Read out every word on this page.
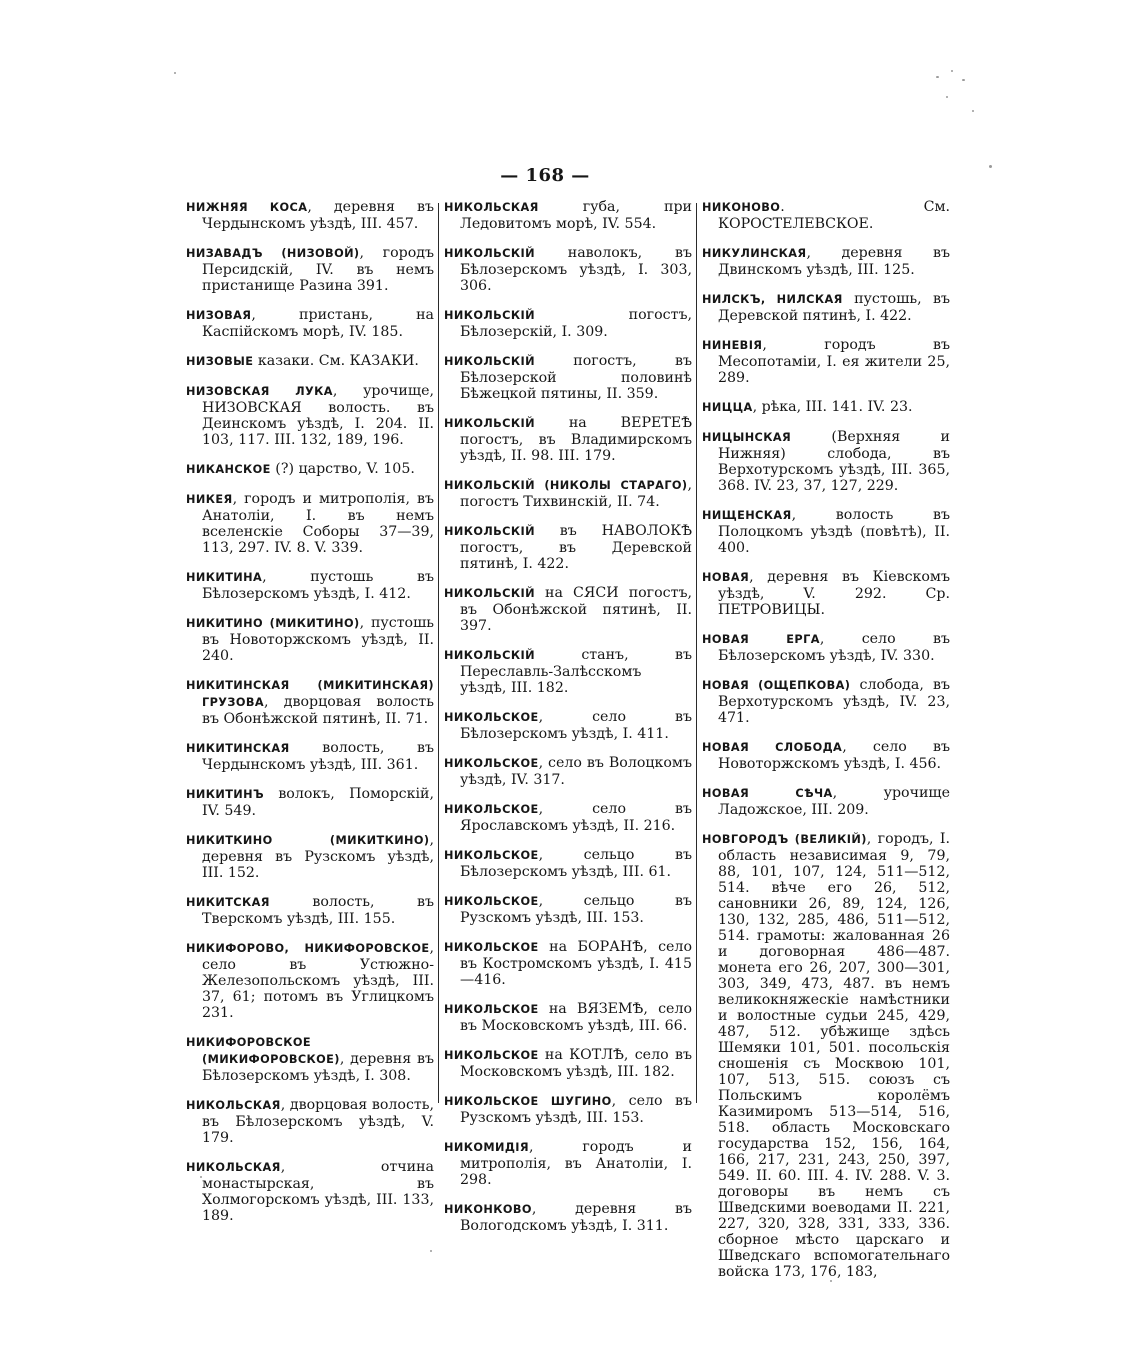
— 168 —

НИЖНЯЯ КОСА, деревня въ Чердынскомъ уѣздѣ, III. 457.

НИЗАВАДЪ (НИЗОВОЙ), городъ Персидскій, IV. въ немъ пристанище Разина 391.

НИЗОВАЯ, пристань, на Каспійскомъ морѣ, IV. 185.

НИЗОВЫЕ казаки. См. КАЗАКИ.

НИЗОВСКАЯ ЛУКА, урочище, НИЗОВСКАЯ волость. въ Деинскомъ уѣздѣ, I. 204. II. 103, 117. III. 132, 189, 196.

НИКАНСКОЕ (?) царство, V. 105.

НИКЕЯ, городъ и митрополія, въ Анатоліи, I. въ немъ вселенскіе Соборы 37—39, 113, 297. IV. 8. V. 339.

НИКИТИНА, пустошь въ Бѣлозерскомъ уѣздѣ, I. 412.

НИКИТИНО (МИКИТИНО), пустошь въ Новоторжскомъ уѣздѣ, II. 240.

НИКИТИНСКАЯ (МИКИТИНСКАЯ) ГРУЗОВА, дворцовая волость въ Обонѣжской пятинѣ, II. 71.

НИКИТИНСКАЯ волость, въ Чердынскомъ уѣздѣ, III. 361.

НИКИТИНЪ волокъ, Поморскій, IV. 549.

НИКИТКИНО (МИКИТКИНО), деревня въ Рузскомъ уѣздѣ, III. 152.

НИКИТСКАЯ волость, въ Тверскомъ уѣздѣ, III. 155.

НИКИФОРОВО, НИКИФОРОВСКОЕ, село въ Устюжно-Железопольскомъ уѣздѣ, III. 37, 61; потомъ въ Углицкомъ 231.

НИКИФОРОВСКОЕ (МИКИФОРОВСКОЕ), деревня въ Бѣлозерскомъ уѣздѣ, I. 308.

НИКОЛЬСКАЯ, дворцовая волость, въ Бѣлозерскомъ уѣздѣ, V. 179.

НИКОЛЬСКАЯ, отчина монастырская, въ Холмогорскомъ уѣздѣ, III. 133, 189.

НИКОЛЬСКАЯ губа, при Ледовитомъ морѣ, IV. 554.

НИКОЛЬСКІЙ наволокъ, въ Бѣлозерскомъ уѣздѣ, I. 303, 306.

НИКОЛЬСКІЙ погостъ, Бѣлозерскій, I. 309.

НИКОЛЬСКІЙ погостъ, въ Бѣлозерской половинѣ Бѣжецкой пятины, II. 359.

НИКОЛЬСКІЙ на ВЕРЕТЕѢ погостъ, въ Владимирскомъ уѣздѣ, II. 98. III. 179.

НИКОЛЬСКІЙ (НИКОЛЫ СТАРАГО), погостъ Тихвинскій, II. 74.

НИКОЛЬСКІЙ въ НАВОЛОКѢ погостъ, въ Деревской пятинѣ, I. 422.

НИКОЛЬСКІЙ на СЯСИ погостъ, въ Обонѣжской пятинѣ, II. 397.

НИКОЛЬСКІЙ станъ, въ Переславль-Залѣсскомъ уѣздѣ, III. 182.

НИКОЛЬСКОЕ, село въ Бѣлозерскомъ уѣздѣ, I. 411.

НИКОЛЬСКОЕ, село въ Волоцкомъ уѣздѣ, IV. 317.

НИКОЛЬСКОЕ, село въ Ярославскомъ уѣздѣ, II. 216.

НИКОЛЬСКОЕ, сельцо въ Бѣлозерскомъ уѣздѣ, III. 61.

НИКОЛЬСКОЕ, сельцо въ Рузскомъ уѣздѣ, III. 153.

НИКОЛЬСКОЕ на БОРАНѢ, село въ Костромскомъ уѣздѣ, I. 415—416.

НИКОЛЬСКОЕ на ВЯЗЕМѢ, село въ Московскомъ уѣздѣ, III. 66.

НИКОЛЬСКОЕ на КОТЛѢ, село въ Московскомъ уѣздѣ, III. 182.

НИКОЛЬСКОЕ ШУГИНО, село въ Рузскомъ уѣздѣ, III. 153.

НИКОМИДІЯ, городъ и митрополія, въ Анатоліи, I. 298.

НИКОНКОВО, деревня въ Вологодскомъ уѣздѣ, I. 311.

НИКОНОВО. См. КОРОСТЕЛЕВСКОЕ.

НИКУЛИНСКАЯ, деревня въ Двинскомъ уѣздѣ, III. 125.

НИЛСКЪ, НИЛСКАЯ пустошь, въ Деревской пятинѣ, I. 422.

НИНЕВІЯ, городъ въ Месопотаміи, I. ея жители 25, 289.

НИЦЦА, рѣка, III. 141. IV. 23.

НИЦЫНСКАЯ (Верхняя и Нижняя) слобода, въ Верхотурскомъ уѣздѣ, III. 365, 368. IV. 23, 37, 127, 229.

НИЩЕНСКАЯ, волость въ Полоцкомъ уѣздѣ (повѣтѣ), II. 400.

НОВАЯ, деревня въ Кіевскомъ уѣздѣ, V. 292. Ср. ПЕТРОВИЦЫ.

НОВАЯ ЕРГА, село въ Бѣлозерскомъ уѣздѣ, IV. 330.

НОВАЯ (ОЩЕПКОВА) слобода, въ Верхотурскомъ уѣздѣ, IV. 23, 471.

НОВАЯ СЛОБОДА, село въ Новоторжскомъ уѣздѣ, I. 456.

НОВАЯ СѢЧА, урочище Ладожское, III. 209.

НОВГОРОДЪ (ВЕЛИКІЙ), городъ, I. область независимая 9, 79, 88, 101, 107, 124, 511—512, 514. вѣче его 26, 512, сановники 26, 89, 124, 126, 130, 132, 285, 486, 511—512, 514. грамоты: жалованная 26 и договорная 486—487. монета его 26, 207, 300—301, 303, 349, 473, 487. въ немъ великокняжескіе намѣстники и волостные судьи 245, 429, 487, 512. убѣжище здѣсь Шемяки 101, 501. посольскія сношенія съ Москвою 101, 107, 513, 515. союзъ съ Польскимъ королёмъ Казимиромъ 513—514, 516, 518. область Московскаго государства 152, 156, 164, 166, 217, 231, 243, 250, 397, 549. II. 60. III. 4. IV. 288. V. 3. договоры въ немъ съ Шведскими воеводами II. 221, 227, 320, 328, 331, 333, 336. сборное мѣсто царскаго и Шведскаго вспомогательнаго войска 173, 176, 183,
